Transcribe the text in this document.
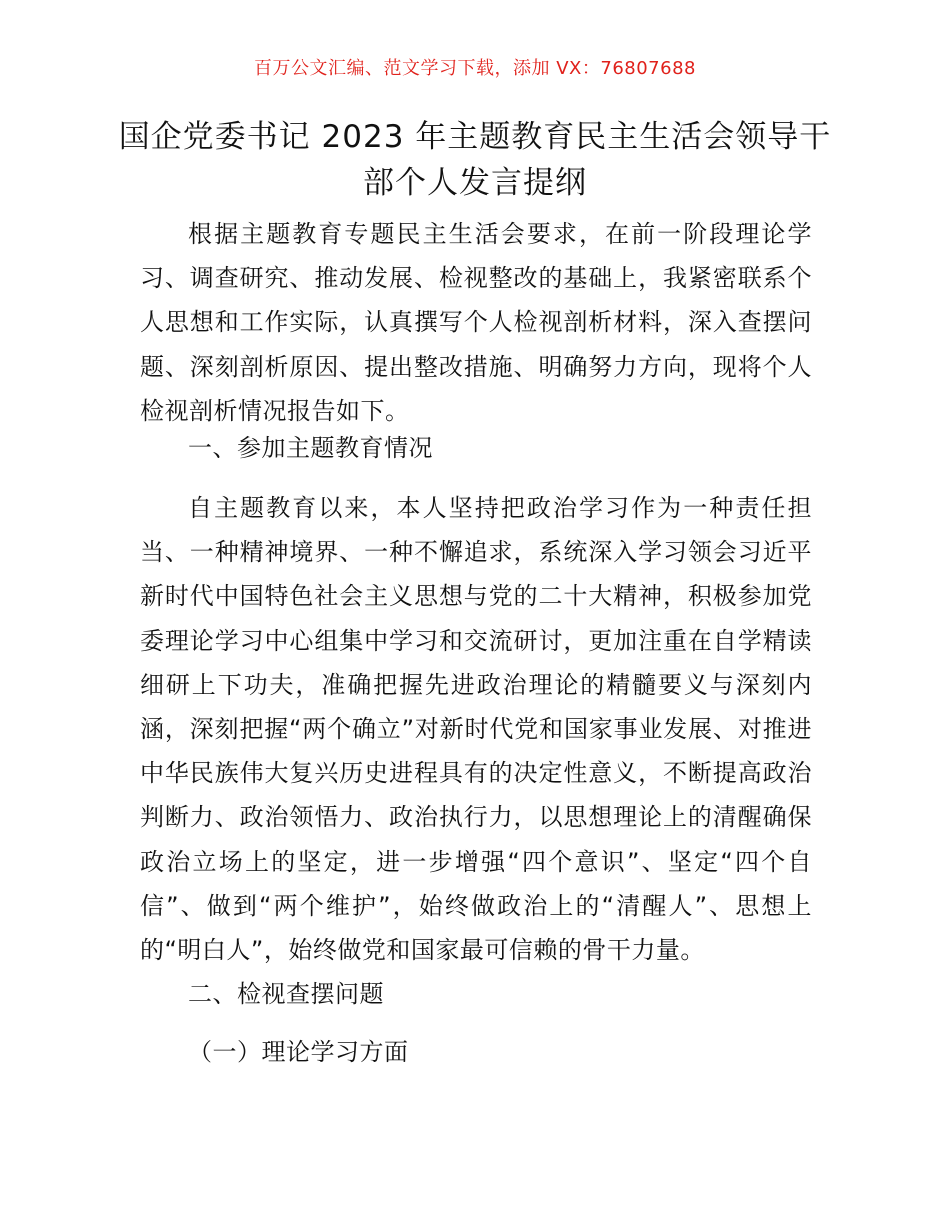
百万公文汇编、范文学习下载，添加 VX：76807688
国企党委书记 2023 年主题教育民主生活会领导干部个人发言提纲

根据主题教育专题民主生活会要求，在前一阶段理论学习、调查研究、推动发展、检视整改的基础上，我紧密联系个人思想和工作实际，认真撰写个人检视剖析材料，深入查摆问题、深刻剖析原因、提出整改措施、明确努力方向，现将个人检视剖析情况报告如下。

一、参加主题教育情况

自主题教育以来，本人坚持把政治学习作为一种责任担当、一种精神境界、一种不懈追求，系统深入学习领会习近平新时代中国特色社会主义思想与党的二十大精神，积极参加党委理论学习中心组集中学习和交流研讨，更加注重在自学精读细研上下功夫，准确把握先进政治理论的精髓要义与深刻内涵，深刻把握“两个确立”对新时代党和国家事业发展、对推进中华民族伟大复兴历史进程具有的决定性意义，不断提高政治判断力、政治领悟力、政治执行力，以思想理论上的清醒确保政治立场上的坚定，进一步增强“四个意识”、坚定“四个自信”、做到“两个维护”，始终做政治上的“清醒人”、思想上的“明白人”，始终做党和国家最可信赖的骨干力量。

二、检视查摆问题

（一）理论学习方面
